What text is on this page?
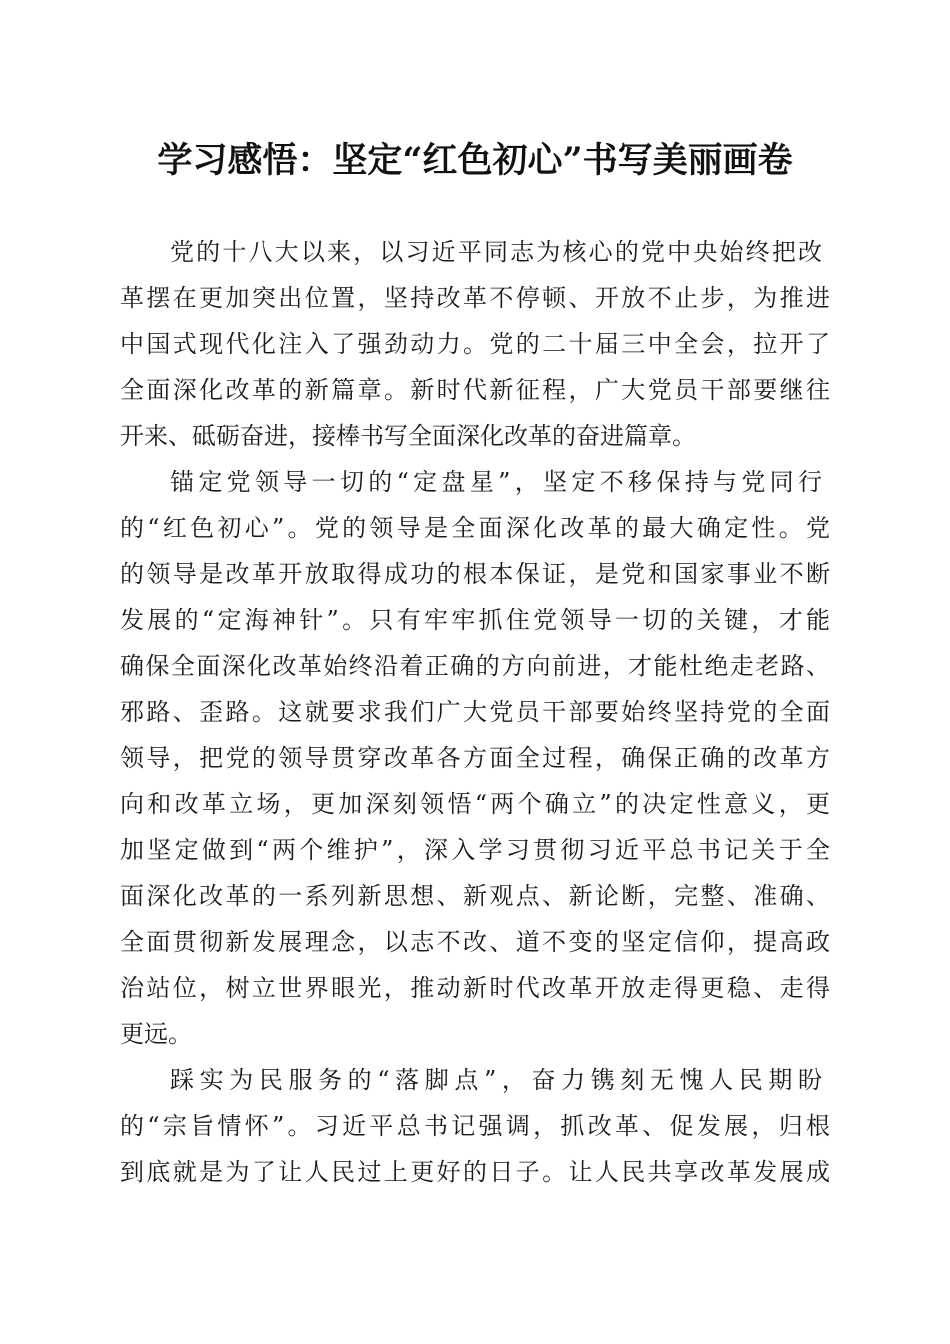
学习感悟：坚定“红色初心”书写美丽画卷
党的十八大以来，以习近平同志为核心的党中央始终把改
革摆在更加突出位置，坚持改革不停顿、开放不止步，为推进
中国式现代化注入了强劲动力。党的二十届三中全会，拉开了
全面深化改革的新篇章。新时代新征程，广大党员干部要继往
开来、砥砺奋进，接棒书写全面深化改革的奋进篇章。
锚定党领导一切的“定盘星”，坚定不移保持与党同行
的“红色初心”。党的领导是全面深化改革的最大确定性。党
的领导是改革开放取得成功的根本保证，是党和国家事业不断
发展的“定海神针”。只有牢牢抓住党领导一切的关键，才能
确保全面深化改革始终沿着正确的方向前进，才能杜绝走老路、
邪路、歪路。这就要求我们广大党员干部要始终坚持党的全面
领导，把党的领导贯穿改革各方面全过程，确保正确的改革方
向和改革立场，更加深刻领悟“两个确立”的决定性意义，更
加坚定做到“两个维护”，深入学习贯彻习近平总书记关于全
面深化改革的一系列新思想、新观点、新论断，完整、准确、
全面贯彻新发展理念，以志不改、道不变的坚定信仰，提高政
治站位，树立世界眼光，推动新时代改革开放走得更稳、走得
更远。
踩实为民服务的“落脚点”，奋力镌刻无愧人民期盼
的“宗旨情怀”。习近平总书记强调，抓改革、促发展，归根
到底就是为了让人民过上更好的日子。让人民共享改革发展成
